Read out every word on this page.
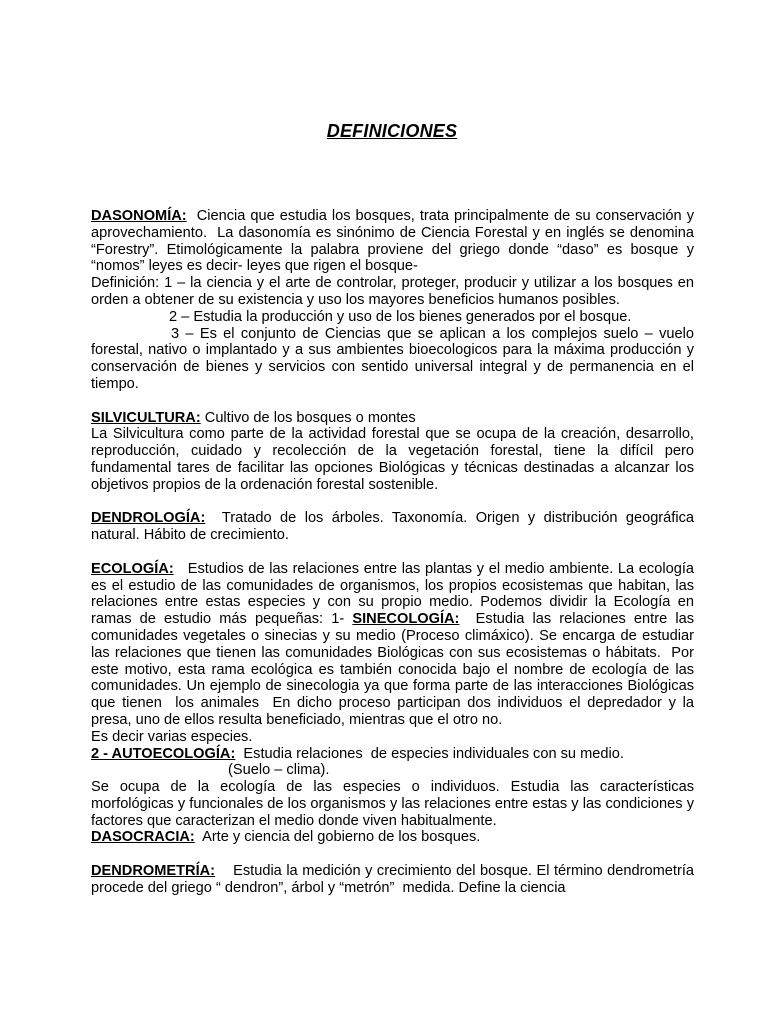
DEFINICIONES

DASONOMÍA:  Ciencia que estudia los bosques, trata principalmente de su conservación y aprovechamiento.  La dasonomía es sinónimo de Ciencia Forestal y en inglés se denomina “Forestry”. Etimológicamente la palabra proviene del griego donde “daso” es bosque y “nomos” leyes es decir- leyes que rigen el bosque-

Definición: 1 – la ciencia y el arte de controlar, proteger, producir y utilizar a los bosques en orden a obtener de su existencia y uso los mayores beneficios humanos posibles.

2 – Estudia la producción y uso de los bienes generados por el bosque.

3 – Es el conjunto de Ciencias que se aplican a los complejos suelo – vuelo forestal, nativo o implantado y a sus ambientes bioecologicos para la máxima producción y conservación de bienes y servicios con sentido universal integral y de permanencia en el tiempo.

SILVICULTURA: Cultivo de los bosques o montes

La Silvicultura como parte de la actividad forestal que se ocupa de la creación, desarrollo, reproducción, cuidado y recolección de la vegetación forestal, tiene la difícil pero fundamental tares de facilitar las opciones Biológicas y técnicas destinadas a alcanzar los objetivos propios de la ordenación forestal sostenible.

DENDROLOGÍA:  Tratado de los árboles. Taxonomía. Origen y distribución geográfica natural. Hábito de crecimiento.

ECOLOGÍA:   Estudios de las relaciones entre las plantas y el medio ambiente. La ecología es el estudio de las comunidades de organismos, los propios ecosistemas que habitan, las relaciones entre estas especies y con su propio medio. Podemos dividir la Ecología en ramas de estudio más pequeñas: 1- SINECOLOGÍA:  Estudia las relaciones entre las comunidades vegetales o sinecias y su medio (Proceso climáxico). Se encarga de estudiar las relaciones que tienen las comunidades Biológicas con sus ecosistemas o hábitats.  Por este motivo, esta rama ecológica es también conocida bajo el nombre de ecología de las comunidades. Un ejemplo de sinecologia ya que forma parte de las interacciones Biológicas que tienen  los animales  En dicho proceso participan dos individuos el depredador y la presa, uno de ellos resulta beneficiado, mientras que el otro no.

Es decir varias especies.

2 - AUTOECOLOGÍA:  Estudia relaciones  de especies individuales con su medio.

(Suelo – clima).

Se ocupa de la ecología de las especies o individuos. Estudia las características morfológicas y funcionales de los organismos y las relaciones entre estas y las condiciones y factores que caracterizan el medio donde viven habitualmente.

DASOCRACIA:  Arte y ciencia del gobierno de los bosques.

DENDROMETRÍA:    Estudia la medición y crecimiento del bosque. El término dendrometría procede del griego “ dendron”, árbol y “metrón”  medida. Define la ciencia
